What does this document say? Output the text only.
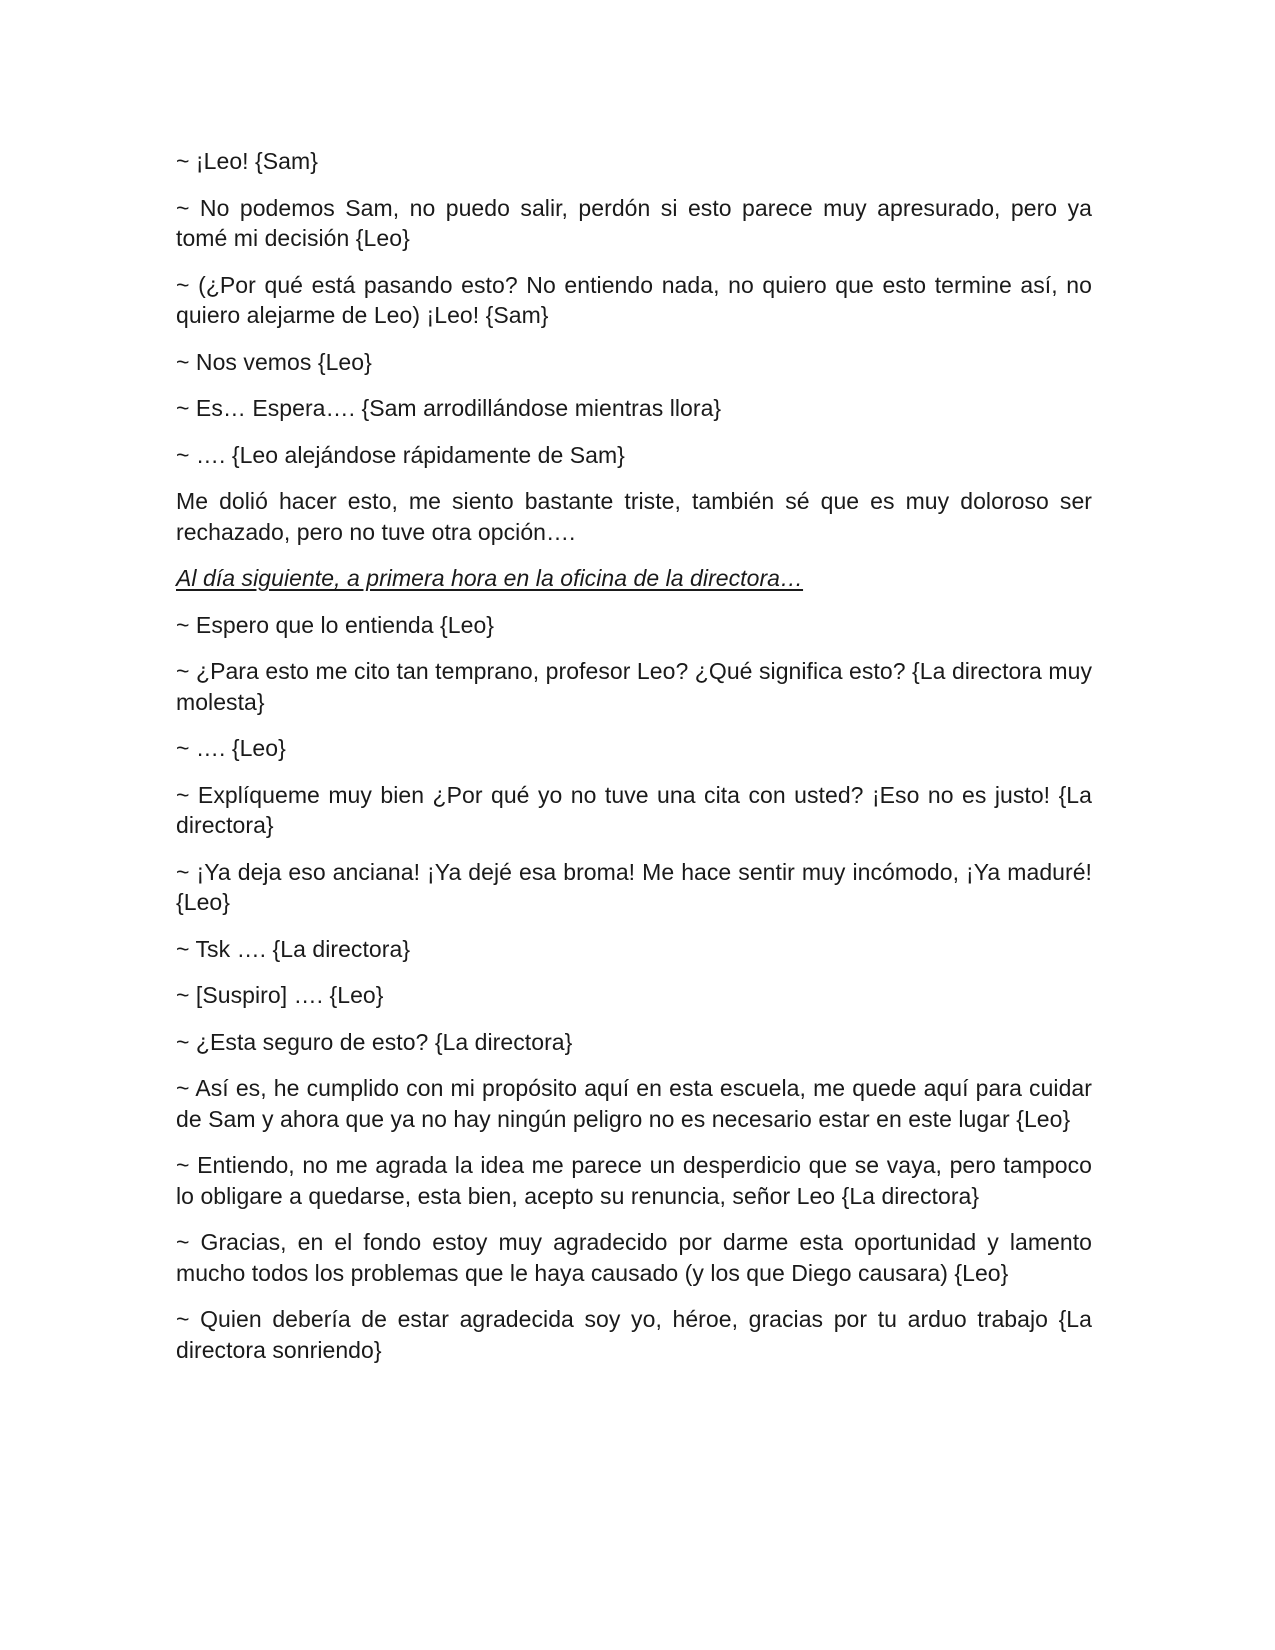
~ ¡Leo! {Sam}

~ No podemos Sam, no puedo salir, perdón si esto parece muy apresurado, pero ya tomé mi decisión {Leo}

~ (¿Por qué está pasando esto? No entiendo nada, no quiero que esto termine así, no quiero alejarme de Leo) ¡Leo! {Sam}

~ Nos vemos {Leo}

~ Es… Espera…. {Sam arrodillándose mientras llora}

~ …. {Leo alejándose rápidamente de Sam}

Me dolió hacer esto, me siento bastante triste, también sé que es muy doloroso ser rechazado, pero no tuve otra opción….

Al día siguiente, a primera hora en la oficina de la directora…

~ Espero que lo entienda {Leo}

~ ¿Para esto me cito tan temprano, profesor Leo? ¿Qué significa esto? {La directora muy molesta}

~ …. {Leo}

~ Explíqueme muy bien ¿Por qué yo no tuve una cita con usted? ¡Eso no es justo! {La directora}

~ ¡Ya deja eso anciana! ¡Ya dejé esa broma! Me hace sentir muy incómodo, ¡Ya maduré! {Leo}

~ Tsk …. {La directora}

~ [Suspiro] …. {Leo}

~ ¿Esta seguro de esto? {La directora}

~ Así es, he cumplido con mi propósito aquí en esta escuela, me quede aquí para cuidar de Sam y ahora que ya no hay ningún peligro no es necesario estar en este lugar {Leo}

~ Entiendo, no me agrada la idea me parece un desperdicio que se vaya, pero tampoco lo obligare a quedarse, esta bien, acepto su renuncia, señor Leo {La directora}

~ Gracias, en el fondo estoy muy agradecido por darme esta oportunidad y lamento mucho todos los problemas que le haya causado (y los que Diego causara) {Leo}

~ Quien debería de estar agradecida soy yo, héroe, gracias por tu arduo trabajo {La directora sonriendo}
